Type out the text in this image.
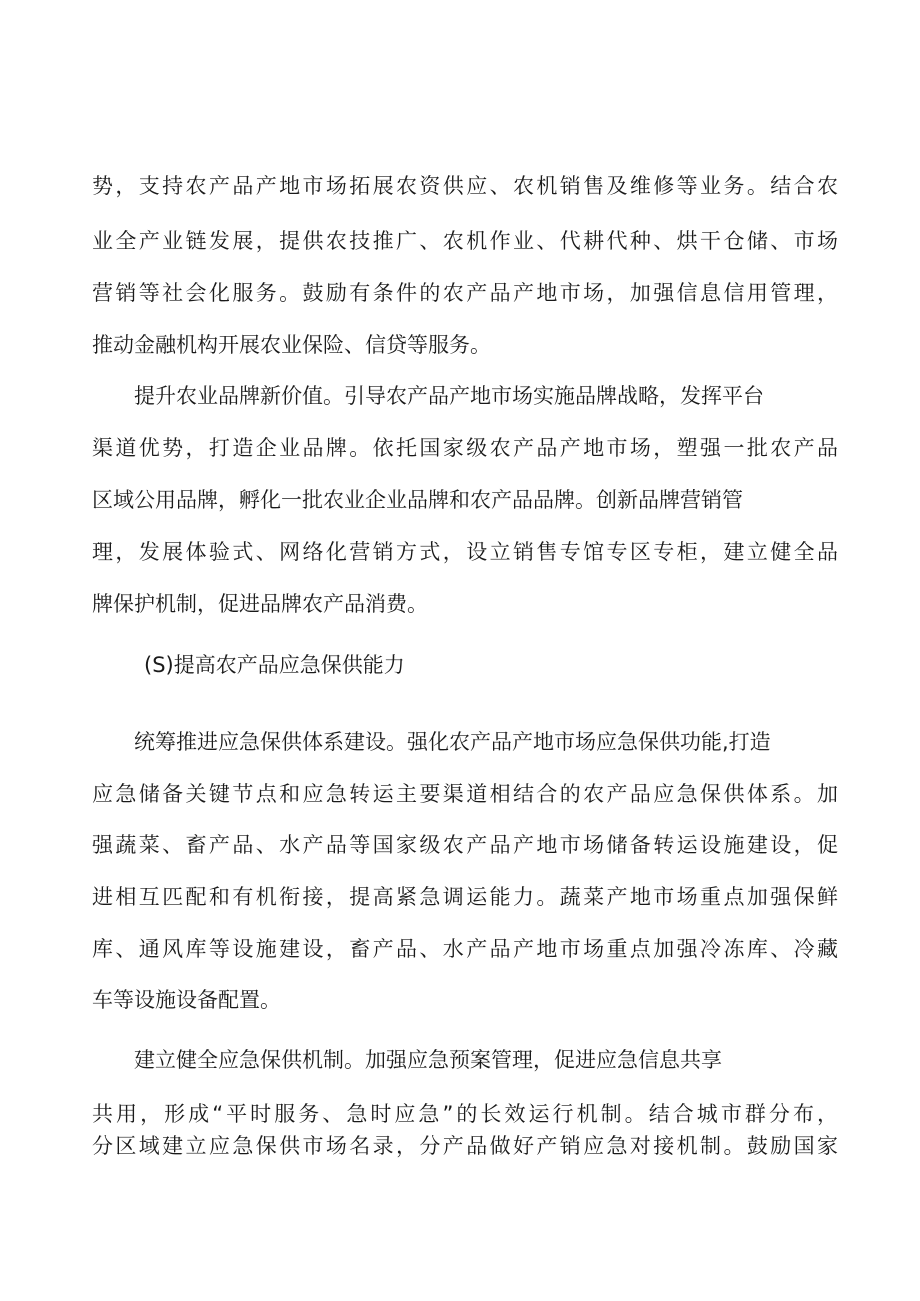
势，支持农产品产地市场拓展农资供应、农机销售及维修等业务。结合农
业全产业链发展，提供农技推广、农机作业、代耕代种、烘干仓储、市场
营销等社会化服务。鼓励有条件的农产品产地市场，加强信息信用管理，
推动金融机构开展农业保险、信贷等服务。
提升农业品牌新价值。引导农产品产地市场实施品牌战略，发挥平台
渠道优势，打造企业品牌。依托国家级农产品产地市场，塑强一批农产品
区域公用品牌，孵化一批农业企业品牌和农产品品牌。创新品牌营销管
理，发展体验式、网络化营销方式，设立销售专馆专区专柜，建立健全品
牌保护机制，促进品牌农产品消费。
(S)提高农产品应急保供能力
统筹推进应急保供体系建设。强化农产品产地市场应急保供功能,打造
应急储备关键节点和应急转运主要渠道相结合的农产品应急保供体系。加
强蔬菜、畜产品、水产品等国家级农产品产地市场储备转运设施建设，促
进相互匹配和有机衔接，提高紧急调运能力。蔬菜产地市场重点加强保鲜
库、通风库等设施建设，畜产品、水产品产地市场重点加强冷冻库、冷藏
车等设施设备配置。
建立健全应急保供机制。加强应急预案管理，促进应急信息共享
共用，形成“平时服务、急时应急”的长效运行机制。结合城市群分布，
分区域建立应急保供市场名录，分产品做好产销应急对接机制。鼓励国家
